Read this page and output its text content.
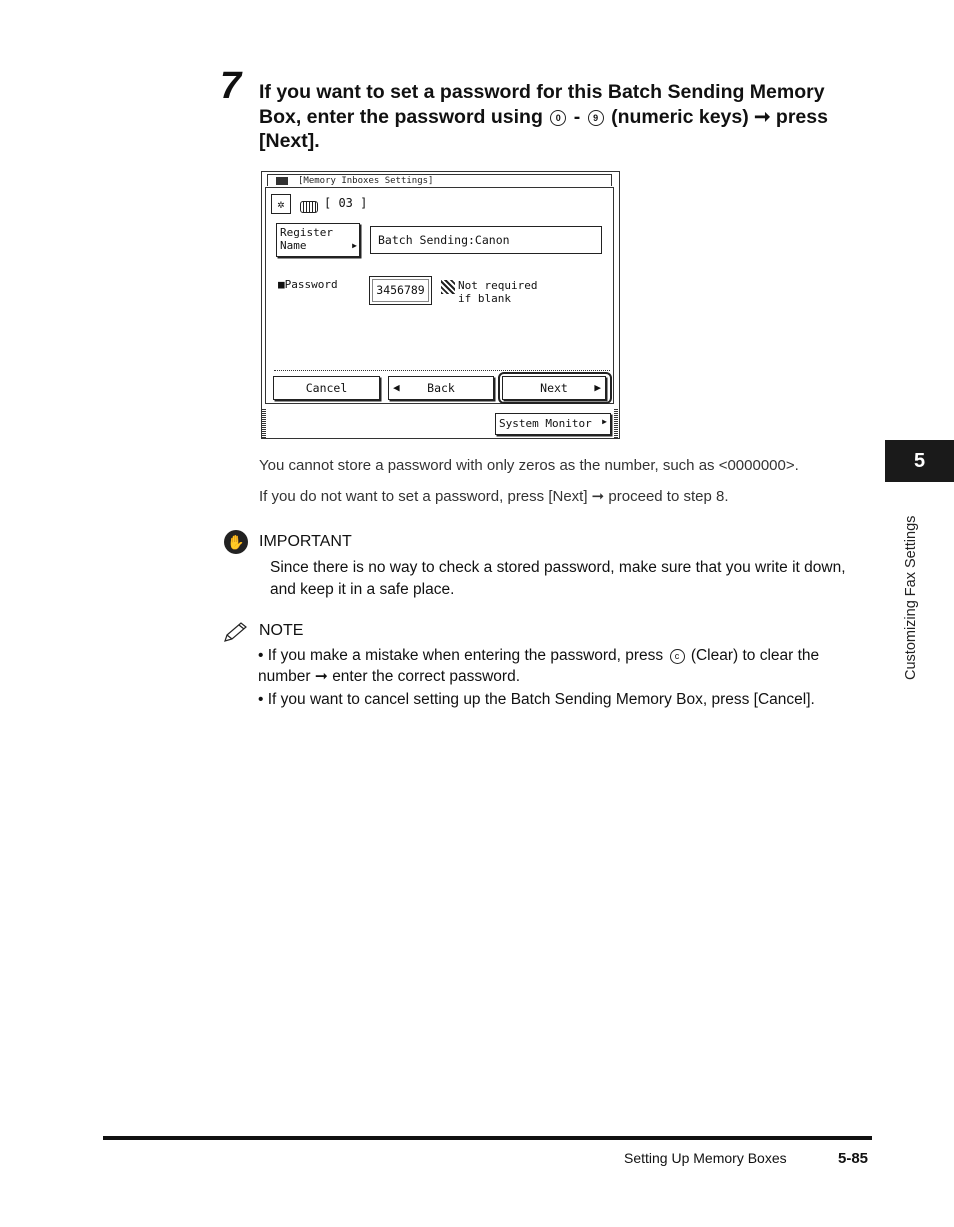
7 If you want to set a password for this Batch Sending Memory
Box, enter the password using 0 - 9 (numeric keys) ➞ press
[Next].
[Memory Inboxes Settings]
✲	[ 03 ]
Register Name	▶	Batch Sending:Canon
■Password	3456789	Not required
if blank
Cancel	◀ Back	Next ▶
System Monitor ▶
You cannot store a password with only zeros as the number, such as <0000000>.
If you do not want to set a password, press [Next] ➞ proceed to step 8.
✋ IMPORTANT
Since there is no way to check a stored password, make sure that you write it down, and keep it in a safe place.
NOTE
• If you make a mistake when entering the password, press c (Clear) to clear the number ➞ enter the correct password.
• If you want to cancel setting up the Batch Sending Memory Box, press [Cancel].
5
Customizing Fax Settings
Setting Up Memory Boxes	5-85
